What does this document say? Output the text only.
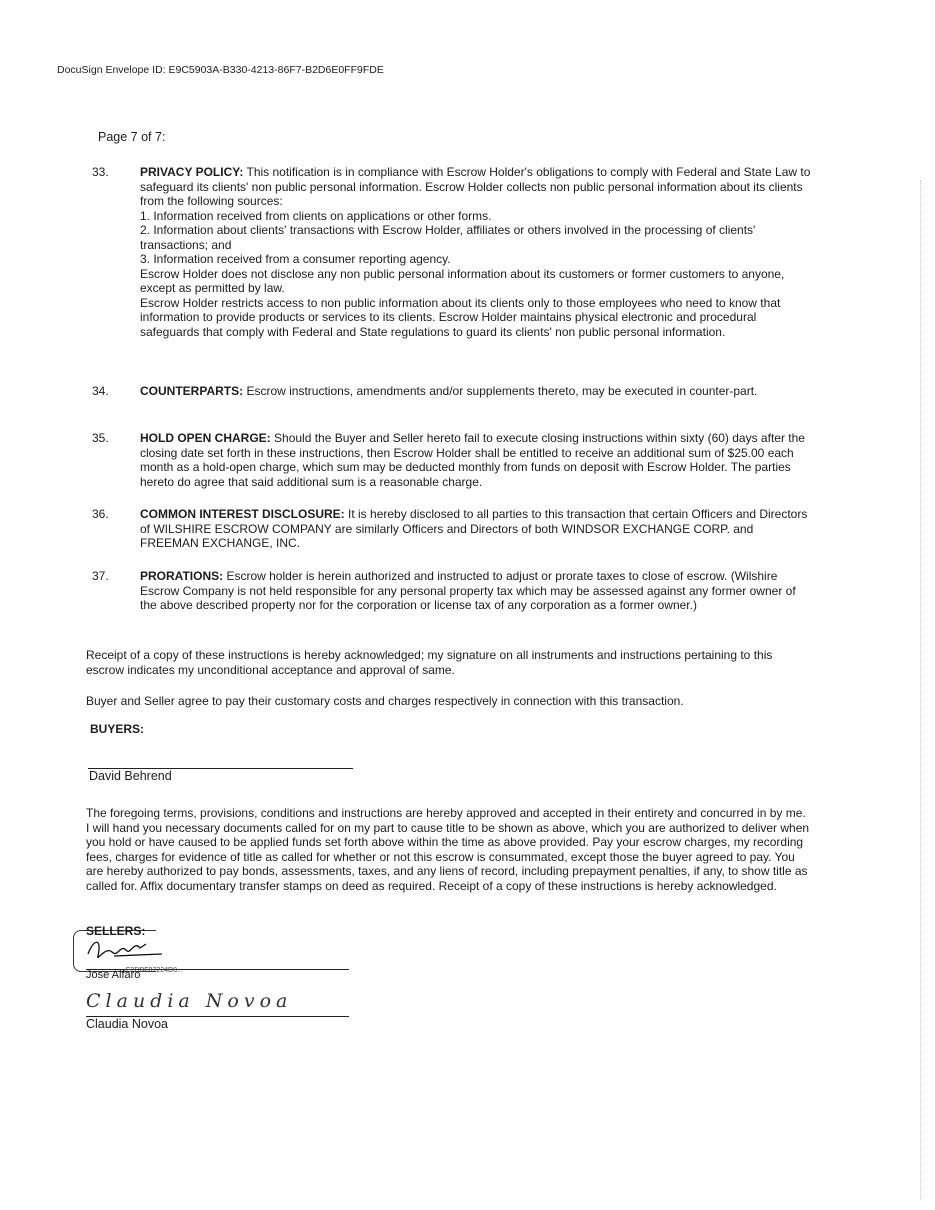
DocuSign Envelope ID: E9C5903A-B330-4213-86F7-B2D6E0FF9FDE
Page 7 of 7:
33.	PRIVACY POLICY: This notification is in compliance with Escrow Holder's obligations to comply with Federal and State Law to safeguard its clients' non public personal information. Escrow Holder collects non public personal information about its clients from the following sources:
1. Information received from clients on applications or other forms.
2. Information about clients' transactions with Escrow Holder, affiliates or others involved in the processing of clients' transactions; and
3. Information received from a consumer reporting agency.
Escrow Holder does not disclose any non public personal information about its customers or former customers to anyone, except as permitted by law.
Escrow Holder restricts access to non public information about its clients only to those employees who need to know that information to provide products or services to its clients. Escrow Holder maintains physical electronic and procedural safeguards that comply with Federal and State regulations to guard its clients' non public personal information.
34.	COUNTERPARTS: Escrow instructions, amendments and/or supplements thereto, may be executed in counter-part.
35.	HOLD OPEN CHARGE: Should the Buyer and Seller hereto fail to execute closing instructions within sixty (60) days after the closing date set forth in these instructions, then Escrow Holder shall be entitled to receive an additional sum of $25.00 each month as a hold-open charge, which sum may be deducted monthly from funds on deposit with Escrow Holder. The parties hereto do agree that said additional sum is a reasonable charge.
36.	COMMON INTEREST DISCLOSURE: It is hereby disclosed to all parties to this transaction that certain Officers and Directors of WILSHIRE ESCROW COMPANY are similarly Officers and Directors of both WINDSOR EXCHANGE CORP. and FREEMAN EXCHANGE, INC.
37.	PRORATIONS: Escrow holder is herein authorized and instructed to adjust or prorate taxes to close of escrow. (Wilshire Escrow Company is not held responsible for any personal property tax which may be assessed against any former owner of the above described property nor for the corporation or license tax of any corporation as a former owner.)
Receipt of a copy of these instructions is hereby acknowledged; my signature on all instruments and instructions pertaining to this escrow indicates my unconditional acceptance and approval of same.
Buyer and Seller agree to pay their customary costs and charges respectively in connection with this transaction.
BUYERS:
David Behrend
The foregoing terms, provisions, conditions and instructions are hereby approved and accepted in their entirety and concurred in by me. I will hand you necessary documents called for on my part to cause title to be shown as above, which you are authorized to deliver when you hold or have caused to be applied funds set forth above within the time as above provided. Pay your escrow charges, my recording fees, charges for evidence of title as called for whether or not this escrow is consummated, except those the buyer agreed to pay. You are hereby authorized to pay bonds, assessments, taxes, and any liens of record, including prepayment penalties, if any, to show title as called for. Affix documentary transfer stamps on deed as required. Receipt of a copy of these instructions is hereby acknowledged.
SELLERS:
Jose Alfaro
E2DBF87224D8...
Claudia Novoa
Claudia Novoa
